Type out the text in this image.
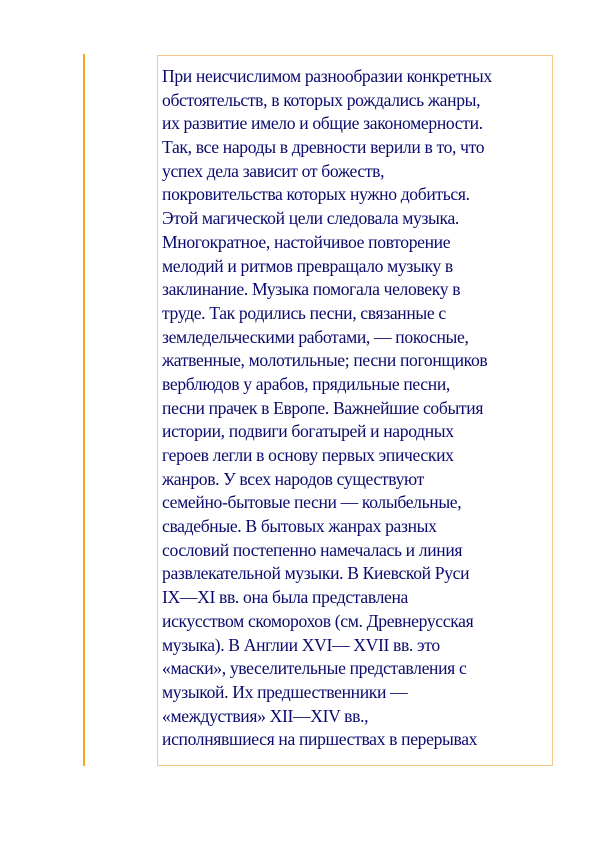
При неисчислимом разнообразии конкретных
обстоятельств, в которых рождались жанры,
их развитие имело и общие закономерности.
Так, все народы в древности верили в то, что
успех дела зависит от божеств,
покровительства которых нужно добиться.
Этой магической цели следовала музыка.
Многократное, настойчивое повторение
мелодий и ритмов превращало музыку в
заклинание. Музыка помогала человеку в
труде. Так родились песни, связанные с
земледельческими работами, — покосные,
жатвенные, молотильные; песни погонщиков
верблюдов у арабов, прядильные песни,
песни прачек в Европе. Важнейшие события
истории, подвиги богатырей и народных
героев легли в основу первых эпических
жанров. У всех народов существуют
семейно-бытовые песни — колыбельные,
свадебные. В бытовых жанрах разных
сословий постепенно намечалась и линия
развлекательной музыки. В Киевской Руси
IX—XI вв. она была представлена
искусством скоморохов (см. Древнерусская
музыка). В Англии XVI— XVII вв. это
«маски», увеселительные представления с
музыкой. Их предшественники —
«междуствия» XII—XIV вв.,
исполнявшиеся на пиршествах в перерывах
